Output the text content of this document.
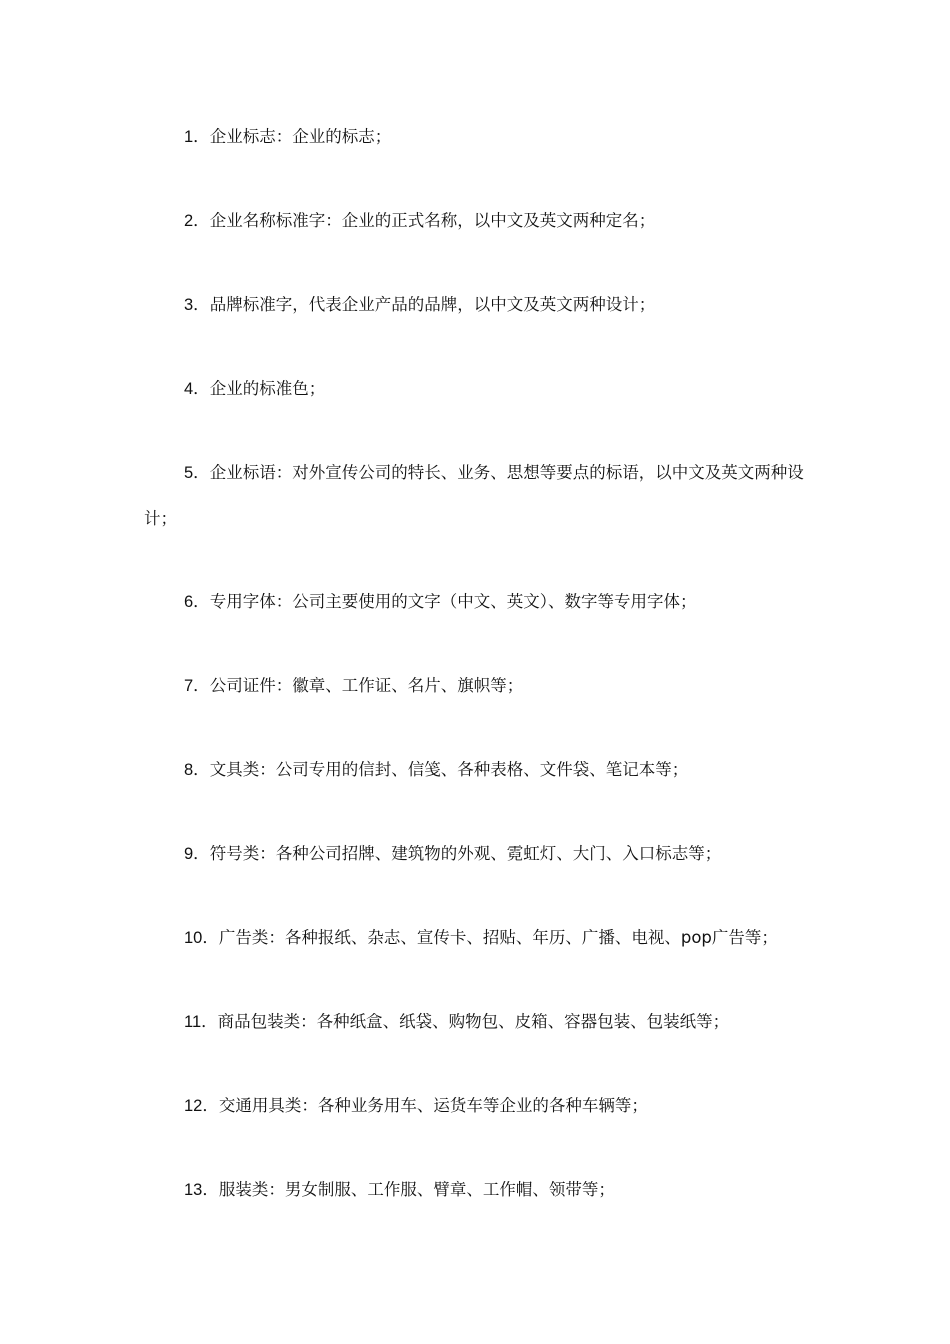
1．企业标志：企业的标志；

2．企业名称标准字：企业的正式名称，以中文及英文两种定名；

3．品牌标准字，代表企业产品的品牌，以中文及英文两种设计；

4．企业的标准色；

5．企业标语：对外宣传公司的特长、业务、思想等要点的标语，以中文及英文两种设计；

6．专用字体：公司主要使用的文字（中文、英文）、数字等专用字体；

7．公司证件：徽章、工作证、名片、旗帜等；

8．文具类：公司专用的信封、信笺、各种表格、文件袋、笔记本等；

9．符号类：各种公司招牌、建筑物的外观、霓虹灯、大门、入口标志等；

10．广告类：各种报纸、杂志、宣传卡、招贴、年历、广播、电视、pop广告等；

11．商品包装类：各种纸盒、纸袋、购物包、皮箱、容器包装、包装纸等；

12．交通用具类：各种业务用车、运货车等企业的各种车辆等；

13．服装类：男女制服、工作服、臂章、工作帽、领带等；
